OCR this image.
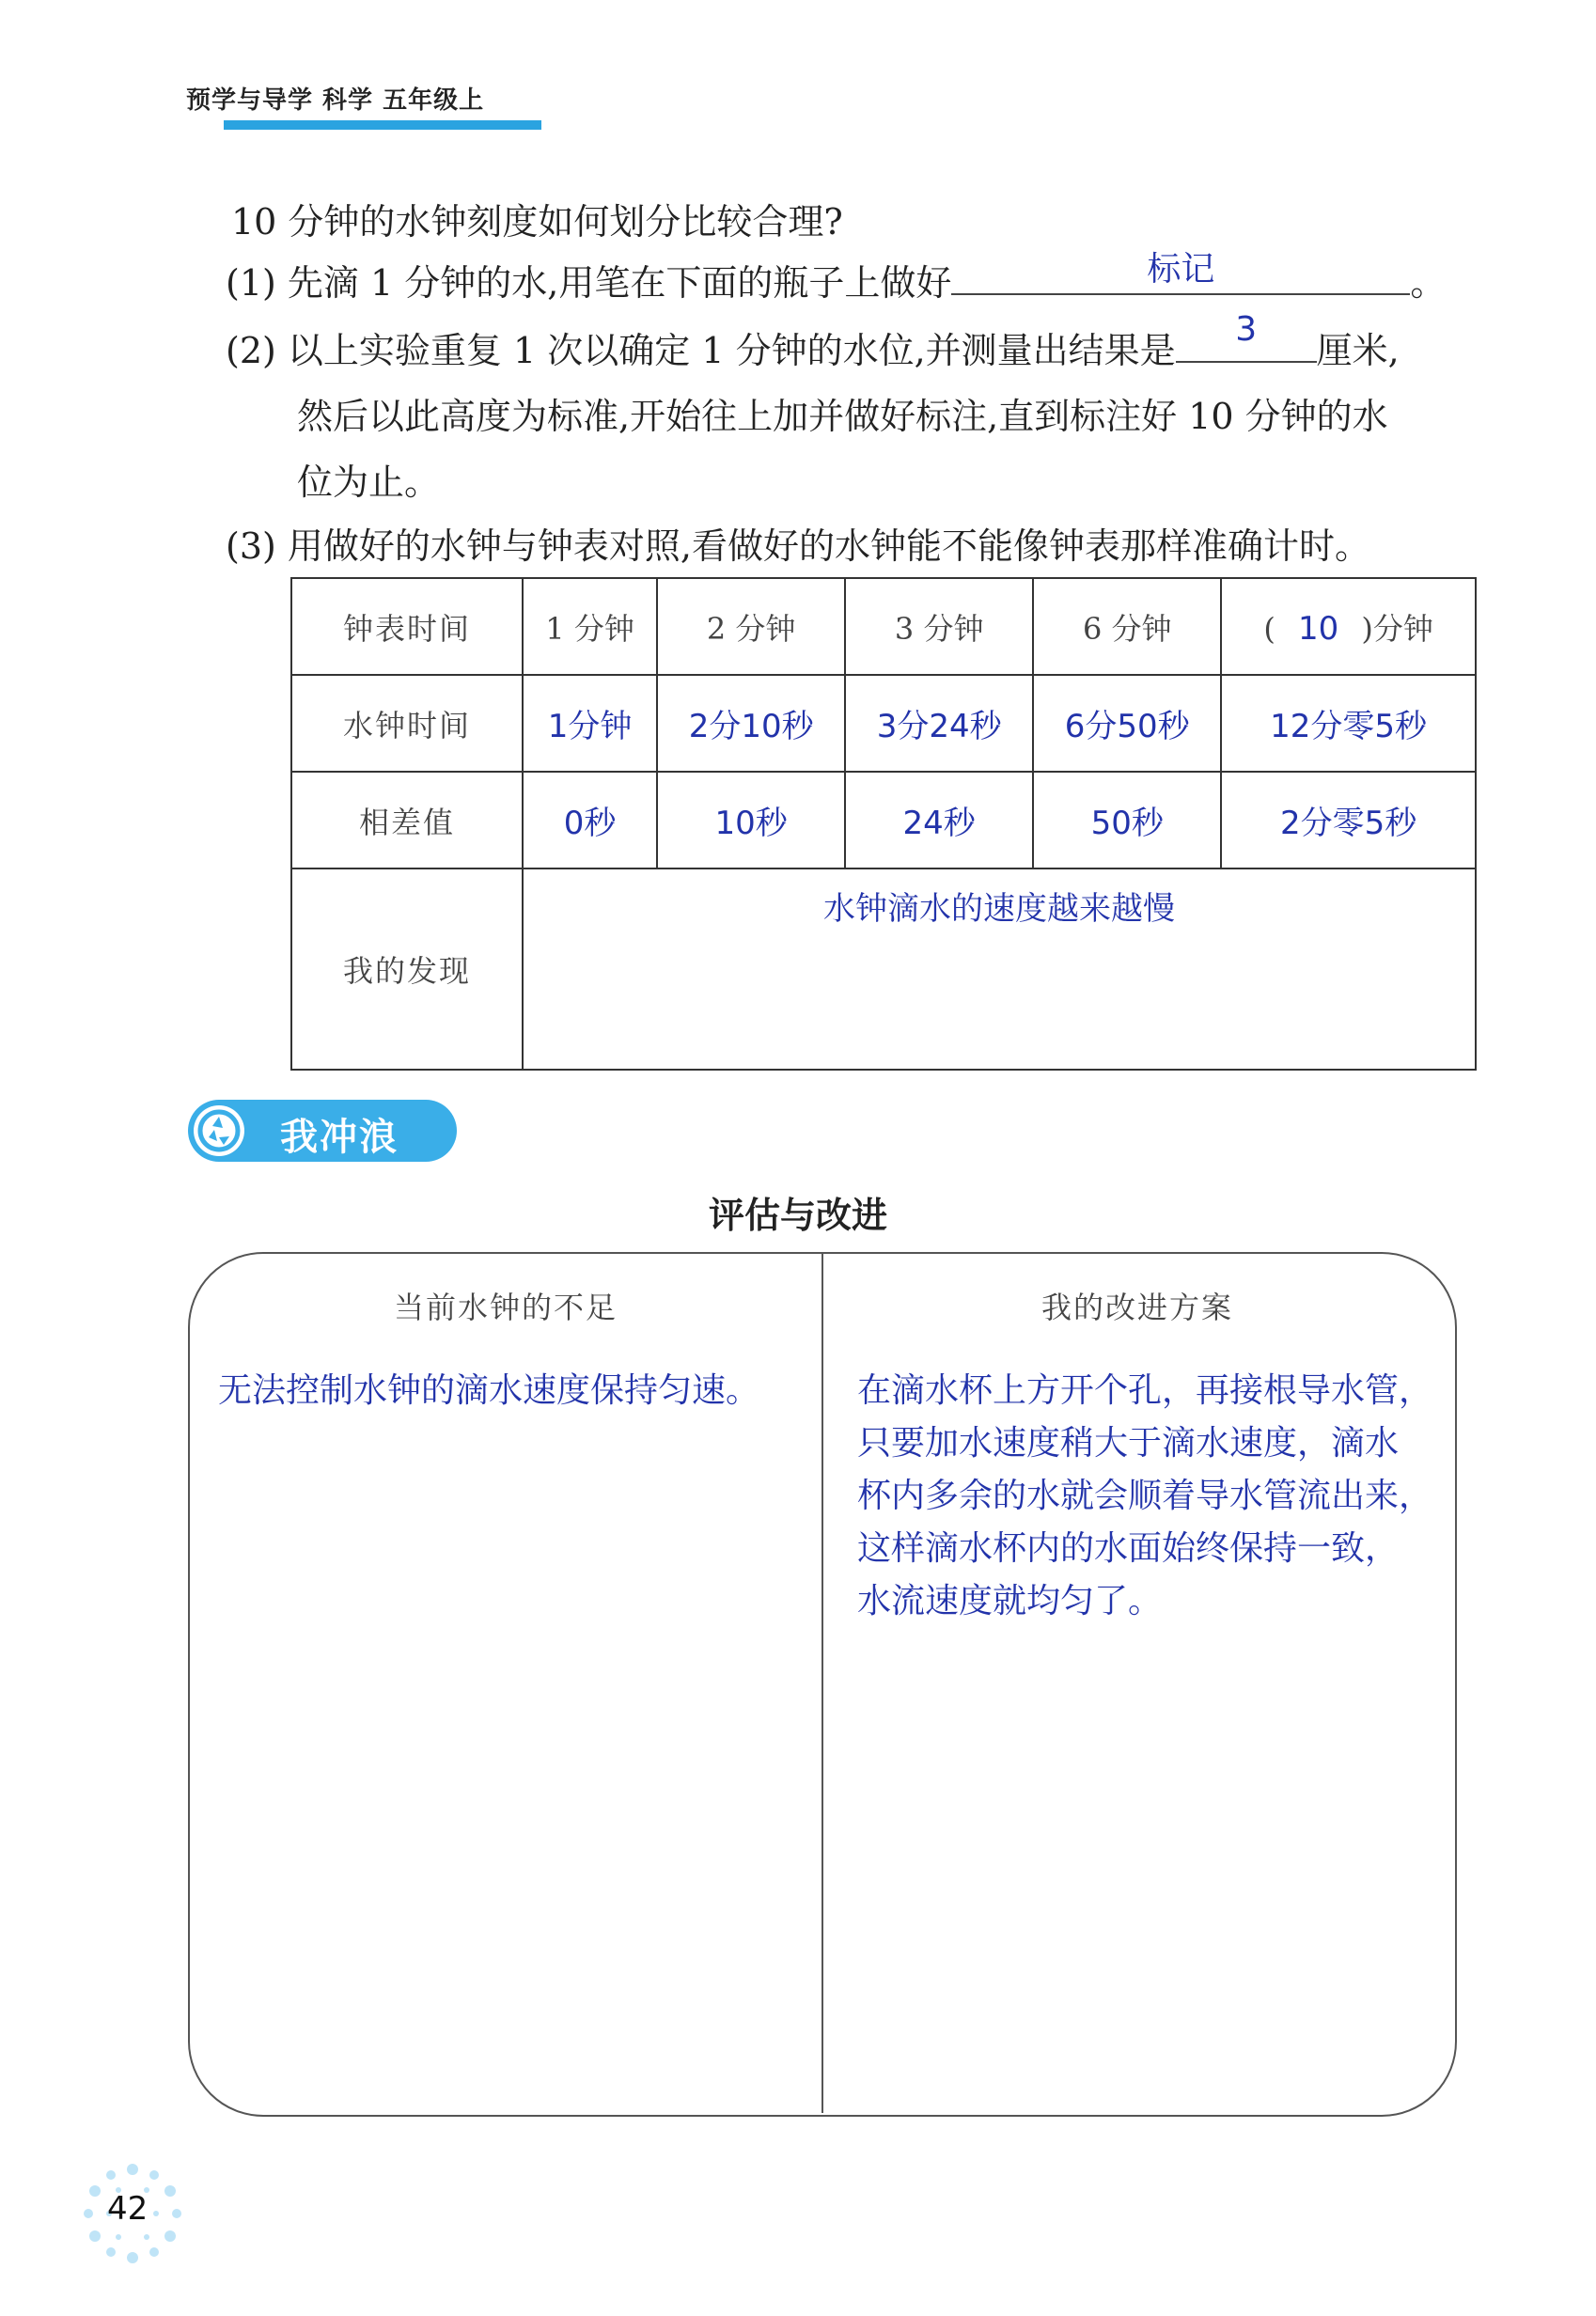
预学与导学 科学 五年级上
10 分钟的水钟刻度如何划分比较合理?
(1) 先滴 1 分钟的水,用笔在下面的瓶子上做好	标记	。
(2) 以上实验重复 1 次以确定 1 分钟的水位,并测量出结果是
3
厘米,
然后以此高度为标准,开始往上加并做好标注,直到标注好 10 分钟的水
位为止。
(3) 用做好的水钟与钟表对照,看做好的水钟能不能像钟表那样准确计时。
钟表时间	1 分钟	2 分钟	3 分钟	6 分钟	( 10 )分钟
水钟时间	1分钟	2分10秒	3分24秒	6分50秒	12分零5秒
相差值	0秒	10秒	24秒	50秒	2分零5秒
我的发现	水钟滴水的速度越来越慢				
我冲浪
评估与改进
当前水钟的不足	我的改进方案
无法控制水钟的滴水速度保持匀速。	在滴水杯上方开个孔，再接根导水管，
只要加水速度稍大于滴水速度，滴水
杯内多余的水就会顺着导水管流出来，
这样滴水杯内的水面始终保持一致，
水流速度就均匀了。
42
